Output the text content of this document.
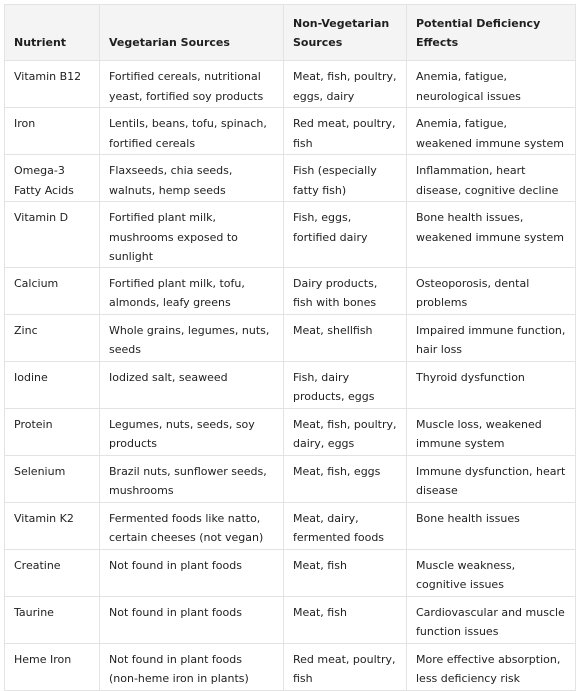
Nutrient	Vegetarian Sources	Non-Vegetarian Sources	Potential Deficiency Effects
Vitamin B12	Fortified cereals, nutritional yeast, fortified soy products	Meat, fish, poultry, eggs, dairy	Anemia, fatigue, neurological issues
Iron	Lentils, beans, tofu, spinach, fortified cereals	Red meat, poultry, fish	Anemia, fatigue, weakened immune system
Omega-3 Fatty Acids	Flaxseeds, chia seeds, walnuts, hemp seeds	Fish (especially fatty fish)	Inflammation, heart disease, cognitive decline
Vitamin D	Fortified plant milk, mushrooms exposed to sunlight	Fish, eggs, fortified dairy	Bone health issues, weakened immune system
Calcium	Fortified plant milk, tofu, almonds, leafy greens	Dairy products, fish with bones	Osteoporosis, dental problems
Zinc	Whole grains, legumes, nuts, seeds	Meat, shellfish	Impaired immune function, hair loss
Iodine	Iodized salt, seaweed	Fish, dairy products, eggs	Thyroid dysfunction
Protein	Legumes, nuts, seeds, soy products	Meat, fish, poultry, dairy, eggs	Muscle loss, weakened immune system
Selenium	Brazil nuts, sunflower seeds, mushrooms	Meat, fish, eggs	Immune dysfunction, heart disease
Vitamin K2	Fermented foods like natto, certain cheeses (not vegan)	Meat, dairy, fermented foods	Bone health issues
Creatine	Not found in plant foods	Meat, fish	Muscle weakness, cognitive issues
Taurine	Not found in plant foods	Meat, fish	Cardiovascular and muscle function issues
Heme Iron	Not found in plant foods (non-heme iron in plants)	Red meat, poultry, fish	More effective absorption, less deficiency risk
